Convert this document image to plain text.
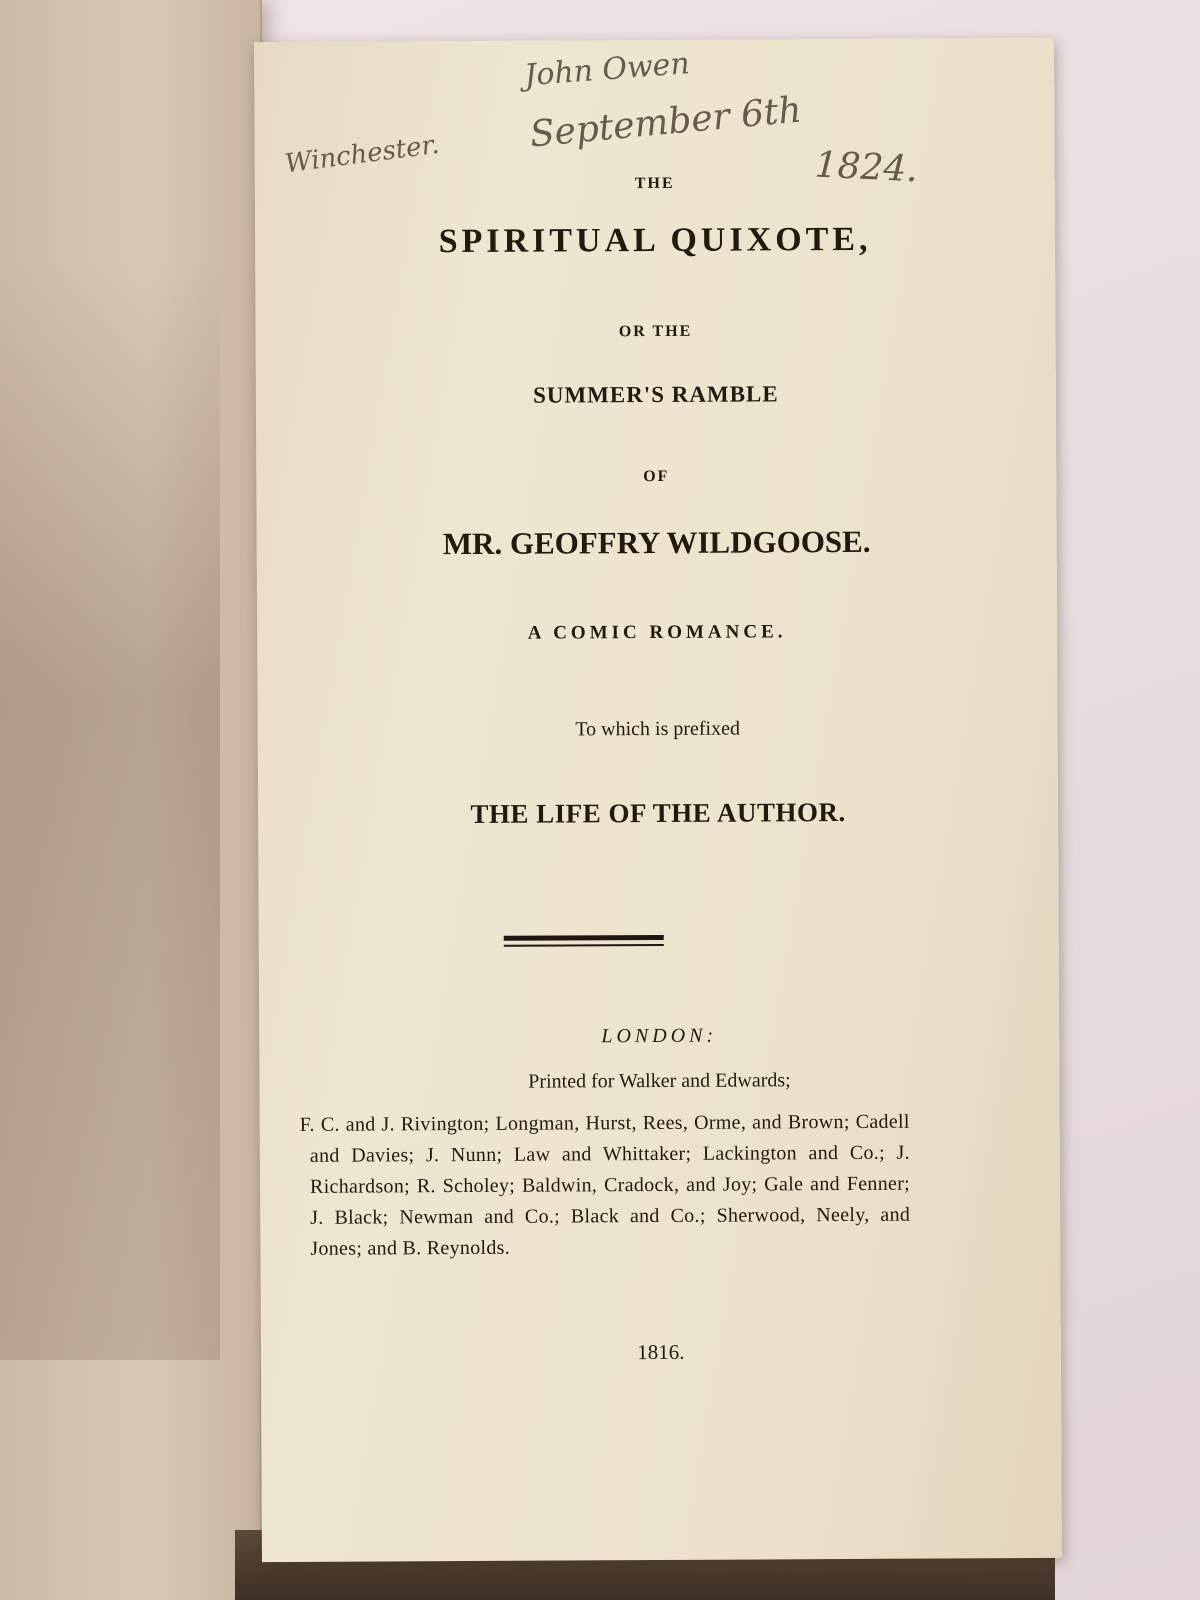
John Owen
September 6th
Winchester.	1824.
THE
SPIRITUAL QUIXOTE,
OR THE
SUMMER'S RAMBLE
OF
MR. GEOFFRY WILDGOOSE.
A COMIC ROMANCE.
To which is prefixed
THE LIFE OF THE AUTHOR.
LONDON:
Printed for Walker and Edwards;
F. C. and J. Rivington; Longman, Hurst, Rees, Orme, and Brown; Cadell and Davies; J. Nunn; Law and Whittaker; Lackington and Co.; J. Richardson; R. Scholey; Baldwin, Cradock, and Joy; Gale and Fenner; J. Black; Newman and Co.; Black and Co.; Sherwood, Neely, and Jones; and B. Reynolds.
1816.
